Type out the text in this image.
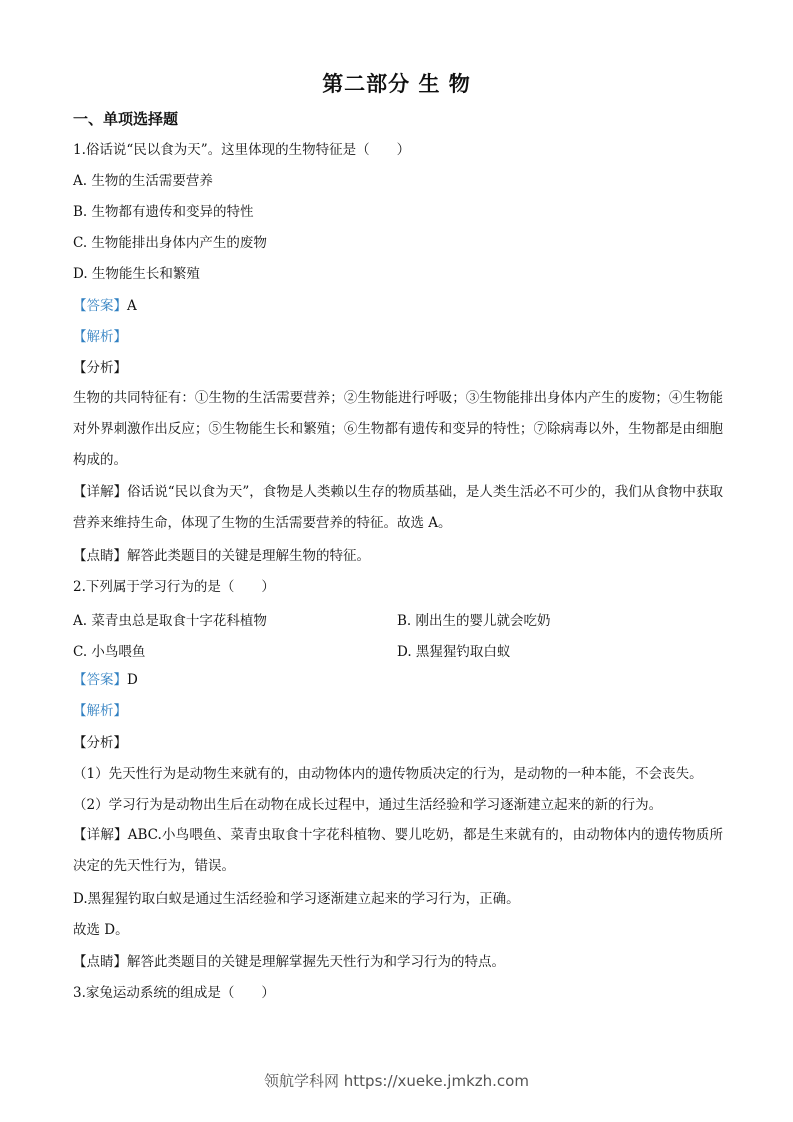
第二部分 生 物
一、单项选择题
1.俗话说“民以食为天”。这里体现的生物特征是（　　）
A. 生物的生活需要营养
B. 生物都有遗传和变异的特性
C. 生物能排出身体内产生的废物
D. 生物能生长和繁殖
【答案】A
【解析】
【分析】
生物的共同特征有：①生物的生活需要营养；②生物能进行呼吸；③生物能排出身体内产生的废物；④生物能对外界刺激作出反应；⑤生物能生长和繁殖；⑥生物都有遗传和变异的特性；⑦除病毒以外，生物都是由细胞构成的。
【详解】俗话说“民以食为天”，食物是人类赖以生存的物质基础，是人类生活必不可少的，我们从食物中获取营养来维持生命，体现了生物的生活需要营养的特征。故选 A。
【点睛】解答此类题目的关键是理解生物的特征。
2.下列属于学习行为的是（　　）
A. 菜青虫总是取食十字花科植物	B. 刚出生的婴儿就会吃奶
C. 小鸟喂鱼	D. 黑猩猩钓取白蚁
【答案】D
【解析】
【分析】
（1）先天性行为是动物生来就有的，由动物体内的遗传物质决定的行为，是动物的一种本能，不会丧失。
（2）学习行为是动物出生后在动物在成长过程中，通过生活经验和学习逐渐建立起来的新的行为。
【详解】ABC.小鸟喂鱼、菜青虫取食十字花科植物、婴儿吃奶，都是生来就有的，由动物体内的遗传物质所决定的先天性行为，错误。
D.黑猩猩钓取白蚁是通过生活经验和学习逐渐建立起来的学习行为，正确。
故选 D。
【点睛】解答此类题目的关键是理解掌握先天性行为和学习行为的特点。
3.家兔运动系统的组成是（　　）
领航学科网 https://xueke.jmkzh.com
